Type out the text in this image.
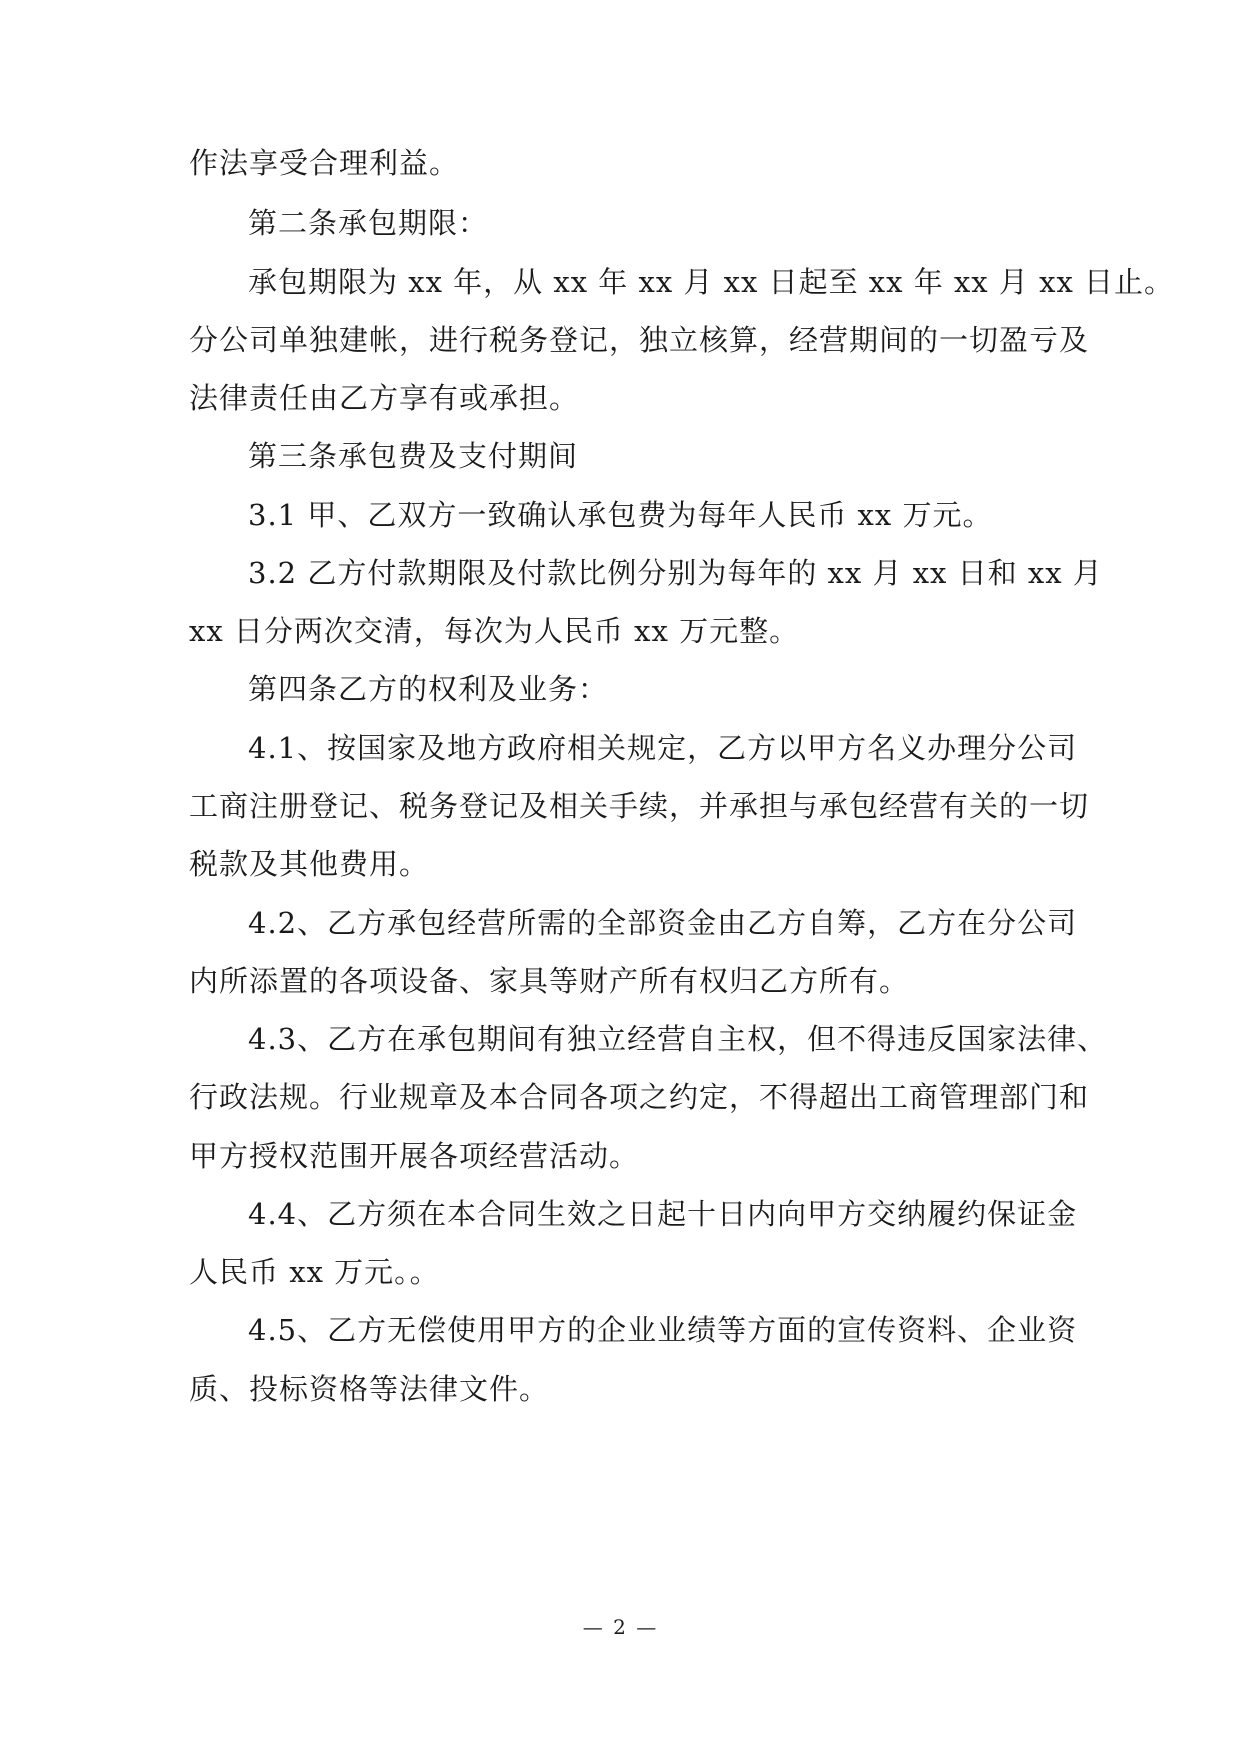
作法享受合理利益。
第二条承包期限：
承包期限为 xx 年，从 xx 年 xx 月 xx 日起至 xx 年 xx 月 xx 日止。
分公司单独建帐，进行税务登记，独立核算，经营期间的一切盈亏及
法律责任由乙方享有或承担。
第三条承包费及支付期间
3.1 甲、乙双方一致确认承包费为每年人民币 xx 万元。
3.2 乙方付款期限及付款比例分别为每年的 xx 月 xx 日和 xx 月
xx 日分两次交清，每次为人民币 xx 万元整。
第四条乙方的权利及业务：
4.1、按国家及地方政府相关规定，乙方以甲方名义办理分公司
工商注册登记、税务登记及相关手续，并承担与承包经营有关的一切
税款及其他费用。
4.2、乙方承包经营所需的全部资金由乙方自筹，乙方在分公司
内所添置的各项设备、家具等财产所有权归乙方所有。
4.3、乙方在承包期间有独立经营自主权，但不得违反国家法律、
行政法规。行业规章及本合同各项之约定，不得超出工商管理部门和
甲方授权范围开展各项经营活动。
4.4、乙方须在本合同生效之日起十日内向甲方交纳履约保证金
人民币 xx 万元。。
4.5、乙方无偿使用甲方的企业业绩等方面的宣传资料、企业资
质、投标资格等法律文件。
— 2 —
